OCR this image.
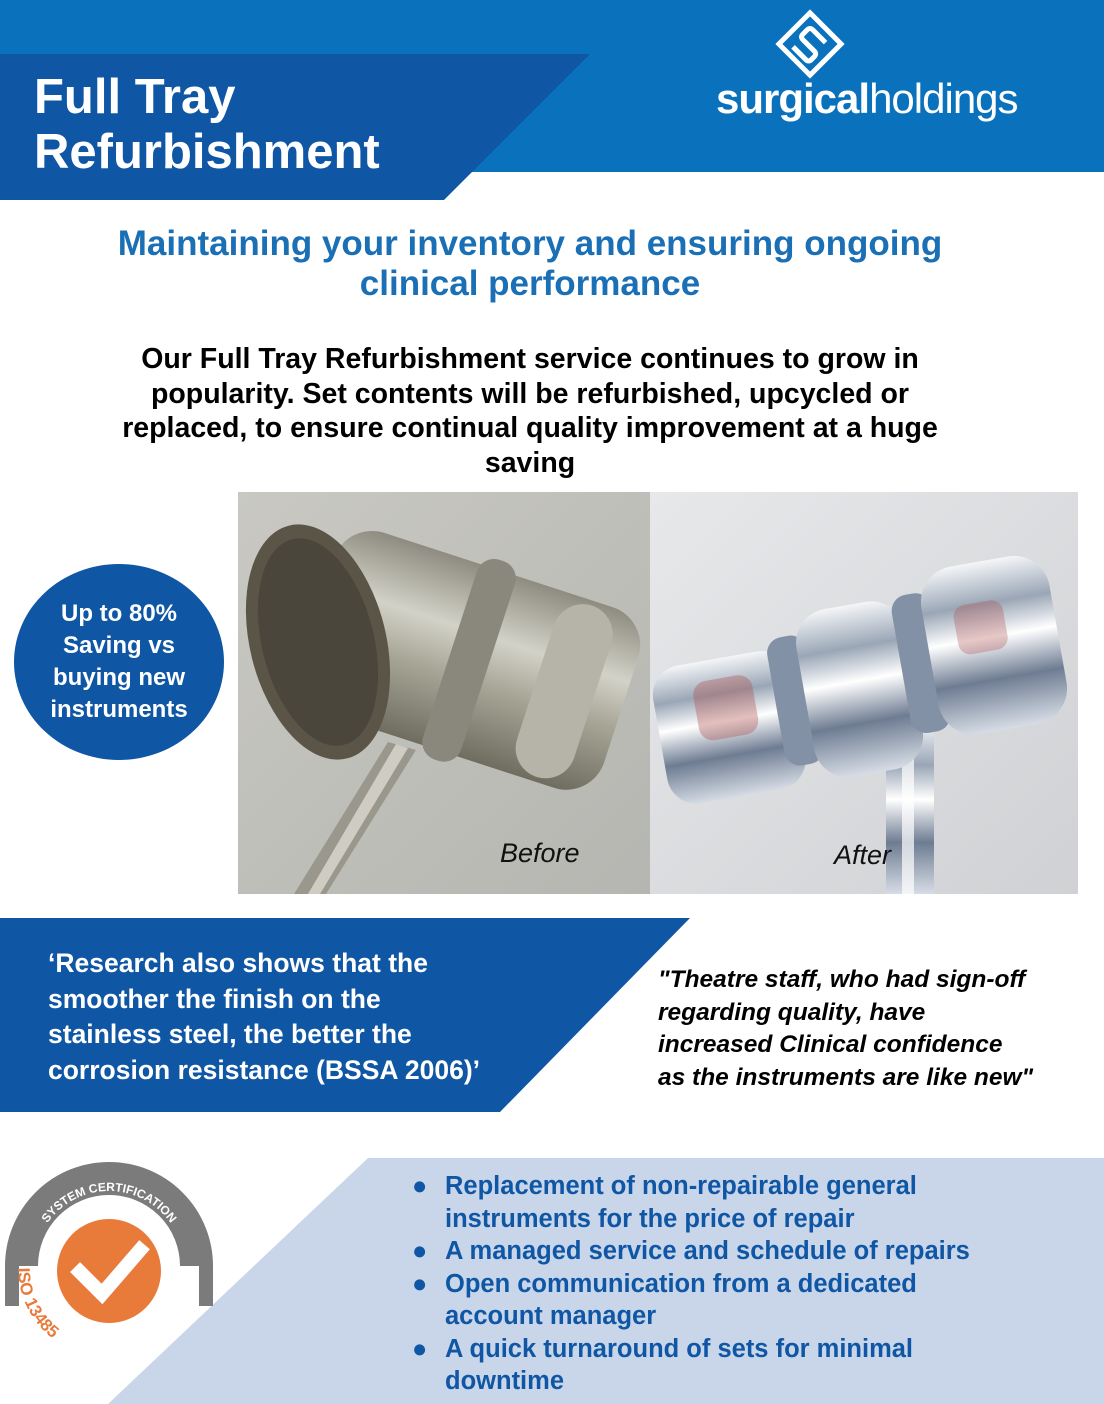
Full Tray
Refurbishment
surgicalholdings
Maintaining your inventory and ensuring ongoing
clinical performance

Our Full Tray Refurbishment service continues to grow in
popularity. Set contents will be refurbished, upcycled or
replaced, to ensure continual quality improvement at a huge
saving

Before	After
Up to 80%
Saving vs
buying new
instruments

‘Research also shows that the
smoother the finish on the
stainless steel, the better the
corrosion resistance (BSSA 2006)’

"Theatre staff, who had sign-off
regarding quality, have
increased Clinical confidence
as the instruments are like new"

● Replacement of non-repairable general
instruments for the price of repair
● A managed service and schedule of repairs
● Open communication from a dedicated
account manager
● A quick turnaround of sets for minimal
downtime
SYSTEM CERTIFICATION
ISO 13485
